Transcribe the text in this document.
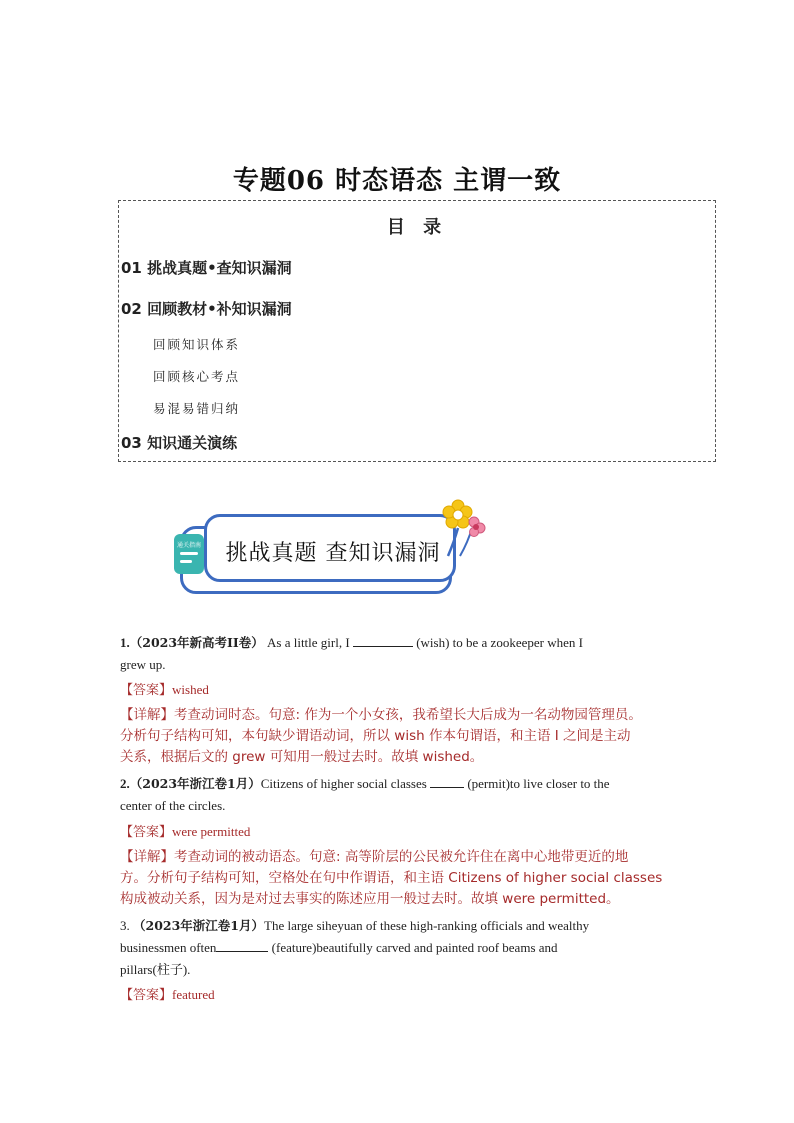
专题06 时态语态 主谓一致
目 录
01 挑战真题•查知识漏洞
02 回顾教材•补知识漏洞
回顾知识体系
回顾核心考点
易混易错归纳
03 知识通关演练
挑战真题 查知识漏洞
通关指南
1.（2023年新高考II卷） As a little girl, I	(wish) to be a zookeeper when I
grew up.
【答案】wished
【详解】考查动词时态。句意: 作为一个小女孩，我希望长大后成为一名动物园管理员。
分析句子结构可知，本句缺少谓语动词，所以 wish 作本句谓语，和主语 I 之间是主动
关系，根据后文的 grew 可知用一般过去时。故填 wished。
2.（2023年浙江卷1月）Citizens of higher social classes	(permit)to live closer to the
center of the circles.
【答案】were permitted
【详解】考查动词的被动语态。句意: 高等阶层的公民被允许住在离中心地带更近的地
方。分析句子结构可知，空格处在句中作谓语，和主语 Citizens of higher social classes
构成被动关系，因为是对过去事实的陈述应用一般过去时。故填 were permitted。
3. （2023年浙江卷1月）The large siheyuan of these high-ranking officials and wealthy
businessmen often	(feature)beautifully carved and painted roof beams and
pillars(柱子).
【答案】featured
